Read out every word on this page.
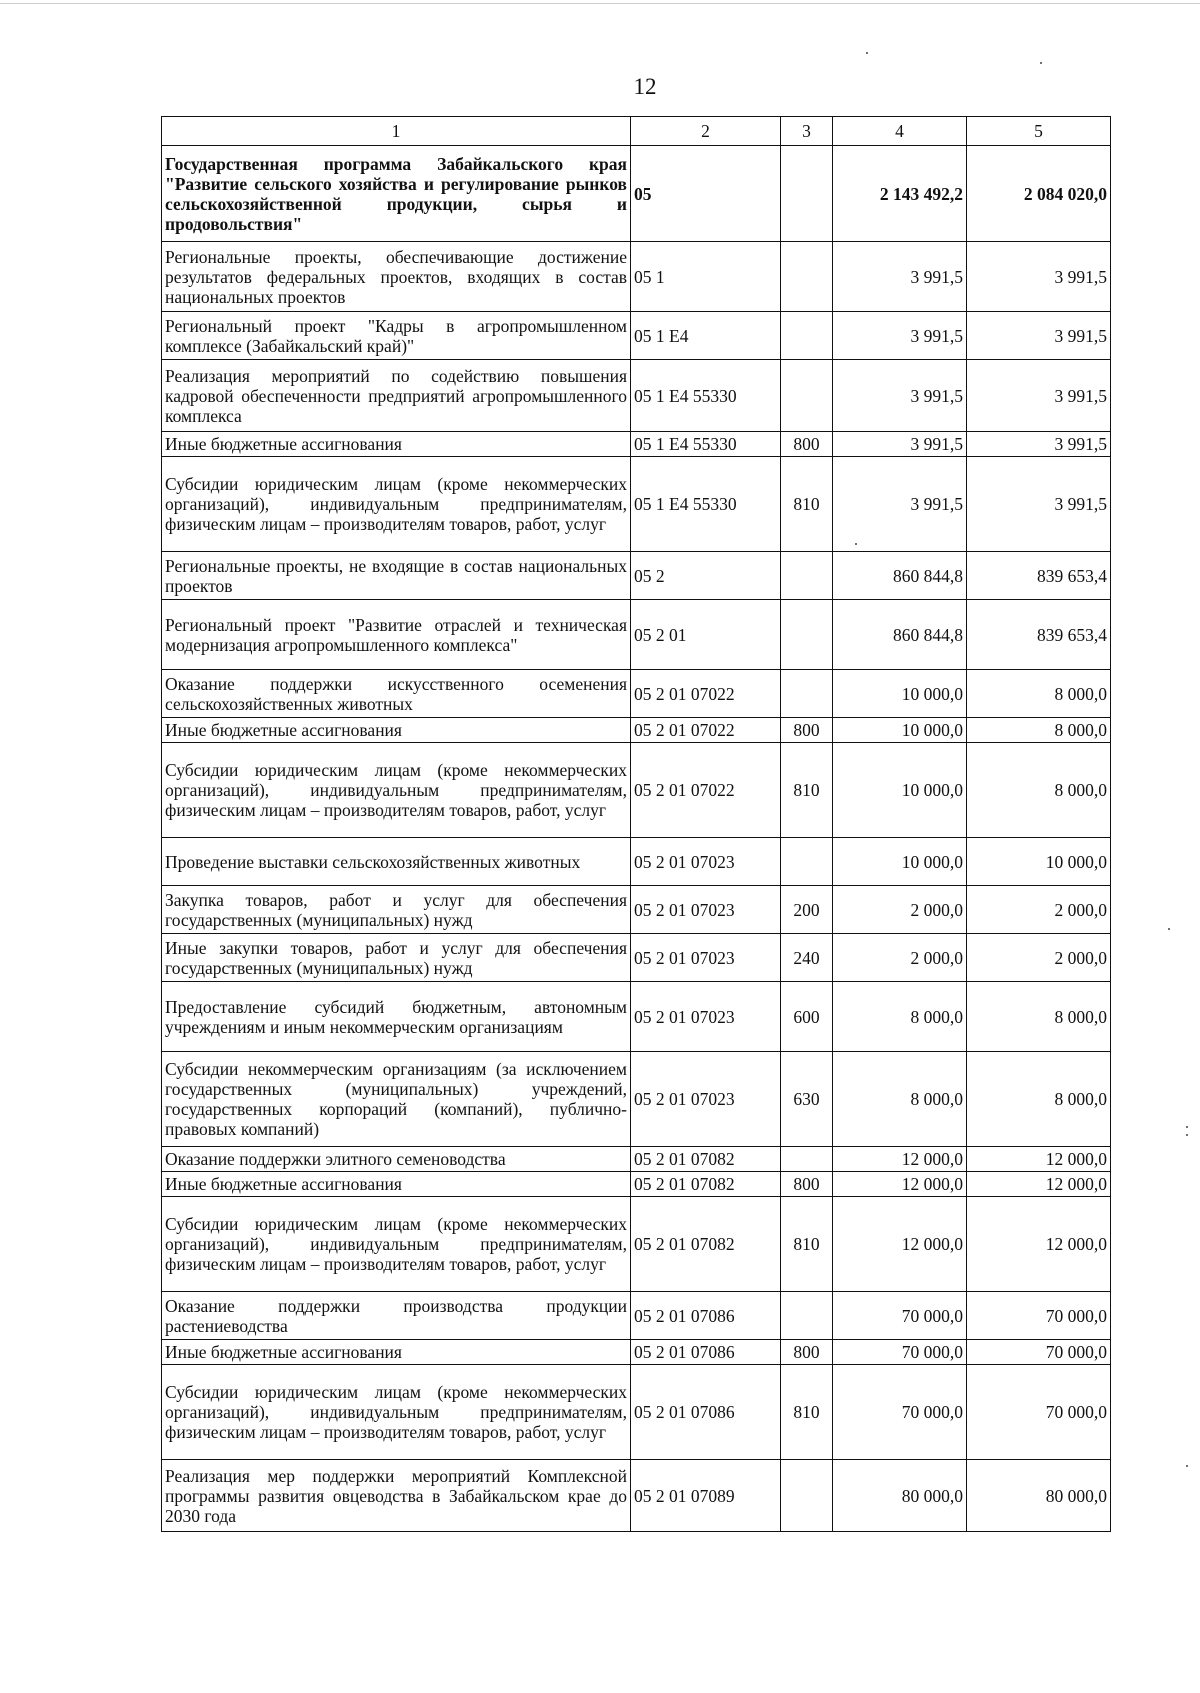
12
1	2	3	4	5
Государственная программа Забайкальского края "Развитие сельского хозяйства и регулирование рынков сельскохозяйственной продукции, сырья и продовольствия"	05		2 143 492,2	2 084 020,0
Региональные проекты, обеспечивающие достижение результатов федеральных проектов, входящих в состав национальных проектов	05 1		3 991,5	3 991,5
Региональный проект "Кадры в агропромышленном комплексе (Забайкальский край)"	05 1 Е4		3 991,5	3 991,5
Реализация мероприятий по содействию повышения кадровой обеспеченности предприятий агропромышленного комплекса	05 1 Е4 55330		3 991,5	3 991,5
Иные бюджетные ассигнования	05 1 Е4 55330	800	3 991,5	3 991,5
Субсидии юридическим лицам (кроме некоммерческих организаций), индивидуальным предпринимателям, физическим лицам – производителям товаров, работ, услуг	05 1 Е4 55330	810	3 991,5	3 991,5
Региональные проекты, не входящие в состав национальных проектов	05 2		860 844,8	839 653,4
Региональный проект "Развитие отраслей и техническая модернизация агропромышленного комплекса"	05 2 01		860 844,8	839 653,4
Оказание поддержки искусственного осеменения сельскохозяйственных животных	05 2 01 07022		10 000,0	8 000,0
Иные бюджетные ассигнования	05 2 01 07022	800	10 000,0	8 000,0
Субсидии юридическим лицам (кроме некоммерческих организаций), индивидуальным предпринимателям, физическим лицам – производителям товаров, работ, услуг	05 2 01 07022	810	10 000,0	8 000,0
Проведение выставки сельскохозяйственных животных	05 2 01 07023		10 000,0	10 000,0
Закупка товаров, работ и услуг для обеспечения государственных (муниципальных) нужд	05 2 01 07023	200	2 000,0	2 000,0
Иные закупки товаров, работ и услуг для обеспечения государственных (муниципальных) нужд	05 2 01 07023	240	2 000,0	2 000,0
Предоставление субсидий бюджетным, автономным учреждениям и иным некоммерческим организациям	05 2 01 07023	600	8 000,0	8 000,0
Субсидии некоммерческим организациям (за исключением государственных (муниципальных) учреждений, государственных корпораций (компаний), публично-правовых компаний)	05 2 01 07023	630	8 000,0	8 000,0
Оказание поддержки элитного семеноводства	05 2 01 07082		12 000,0	12 000,0
Иные бюджетные ассигнования	05 2 01 07082	800	12 000,0	12 000,0
Субсидии юридическим лицам (кроме некоммерческих организаций), индивидуальным предпринимателям, физическим лицам – производителям товаров, работ, услуг	05 2 01 07082	810	12 000,0	12 000,0
Оказание поддержки производства продукции растениеводства	05 2 01 07086		70 000,0	70 000,0
Иные бюджетные ассигнования	05 2 01 07086	800	70 000,0	70 000,0
Субсидии юридическим лицам (кроме некоммерческих организаций), индивидуальным предпринимателям, физическим лицам – производителям товаров, работ, услуг	05 2 01 07086	810	70 000,0	70 000,0
Реализация мер поддержки мероприятий Комплексной программы развития овцеводства в Забайкальском крае до 2030 года	05 2 01 07089		80 000,0	80 000,0
